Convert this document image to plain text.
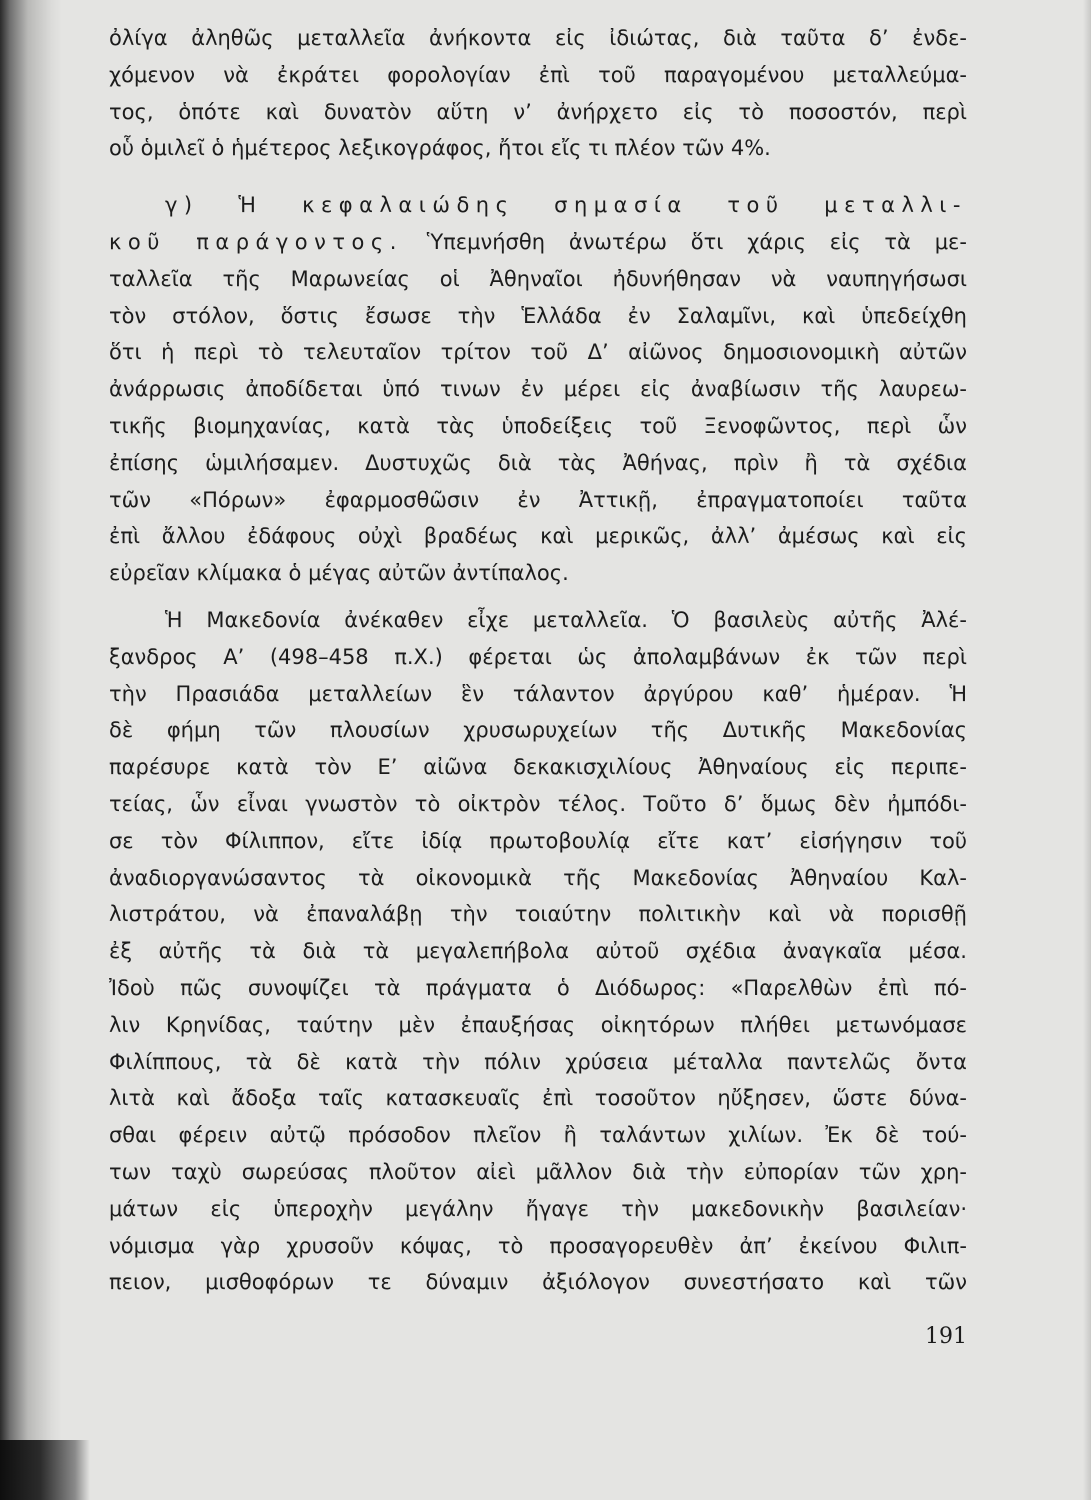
ὀλίγα ἀληθῶς μεταλλεῖα ἀνήκοντα εἰς ἰδιώτας, διὰ ταῦτα δ’ ἐνδε-
χόμενον νὰ ἐκράτει φορολογίαν ἐπὶ τοῦ παραγομένου μεταλλεύμα-
τος, ὁπότε καὶ δυνατὸν αὕτη ν’ ἀνήρχετο εἰς τὸ ποσοστόν, περὶ
οὗ ὁμιλεῖ ὁ ἡμέτερος λεξικογράφος, ἤτοι εἴς τι πλέον τῶν 4%.
γ) Ἡ κεφαλαιώδης σημασία τοῦ μεταλλι-
κοῦ παράγοντος. Ὑπεμνήσθη ἀνωτέρω ὅτι χάρις εἰς τὰ με-
ταλλεῖα τῆς Μαρωνείας οἱ Ἀθηναῖοι ἠδυνήθησαν νὰ ναυπηγήσωσι
τὸν στόλον, ὅστις ἔσωσε τὴν Ἑλλάδα ἐν Σαλαμῖνι, καὶ ὑπεδείχθη
ὅτι ἡ περὶ τὸ τελευταῖον τρίτον τοῦ Δ’ αἰῶνος δημοσιονομικὴ αὐτῶν
ἀνάρρωσις ἀποδίδεται ὑπό τινων ἐν μέρει εἰς ἀναβίωσιν τῆς λαυρεω-
τικῆς βιομηχανίας, κατὰ τὰς ὑποδείξεις τοῦ Ξενοφῶντος, περὶ ὧν
ἐπίσης ὡμιλήσαμεν. Δυστυχῶς διὰ τὰς Ἀθήνας, πρὶν ἢ τὰ σχέδια
τῶν «Πόρων» ἐφαρμοσθῶσιν ἐν Ἀττικῇ, ἐπραγματοποίει ταῦτα
ἐπὶ ἄλλου ἐδάφους οὐχὶ βραδέως καὶ μερικῶς, ἀλλ’ ἀμέσως καὶ εἰς
εὐρεῖαν κλίμακα ὁ μέγας αὐτῶν ἀντίπαλος.
Ἡ Μακεδονία ἀνέκαθεν εἶχε μεταλλεῖα. Ὁ βασιλεὺς αὐτῆς Ἀλέ-
ξανδρος Α’ (498–458 π.Χ.) φέρεται ὡς ἀπολαμβάνων ἐκ τῶν περὶ
τὴν Πρασιάδα μεταλλείων ἓν τάλαντον ἀργύρου καθ’ ἡμέραν. Ἡ
δὲ φήμη τῶν πλουσίων χρυσωρυχείων τῆς Δυτικῆς Μακεδονίας
παρέσυρε κατὰ τὸν Ε’ αἰῶνα δεκακισχιλίους Ἀθηναίους εἰς περιπε-
τείας, ὧν εἶναι γνωστὸν τὸ οἰκτρὸν τέλος. Τοῦτο δ’ ὅμως δὲν ἠμπόδι-
σε τὸν Φίλιππον, εἴτε ἰδίᾳ πρωτοβουλίᾳ εἴτε κατ’ εἰσήγησιν τοῦ
ἀναδιοργανώσαντος τὰ οἰκονομικὰ τῆς Μακεδονίας Ἀθηναίου Καλ-
λιστράτου, νὰ ἐπαναλάβῃ τὴν τοιαύτην πολιτικὴν καὶ νὰ πορισθῇ
ἐξ αὐτῆς τὰ διὰ τὰ μεγαλεπήβολα αὐτοῦ σχέδια ἀναγκαῖα μέσα.
Ἰδοὺ πῶς συνοψίζει τὰ πράγματα ὁ Διόδωρος: «Παρελθὼν ἐπὶ πό-
λιν Κρηνίδας, ταύτην μὲν ἐπαυξήσας οἰκητόρων πλήθει μετωνόμασε
Φιλίππους, τὰ δὲ κατὰ τὴν πόλιν χρύσεια μέταλλα παντελῶς ὄντα
λιτὰ καὶ ἄδοξα ταῖς κατασκευαῖς ἐπὶ τοσοῦτον ηὔξησεν, ὥστε δύνα-
σθαι φέρειν αὐτῷ πρόσοδον πλεῖον ἢ ταλάντων χιλίων. Ἐκ δὲ τού-
των ταχὺ σωρεύσας πλοῦτον αἰεὶ μᾶλλον διὰ τὴν εὐπορίαν τῶν χρη-
μάτων εἰς ὑπεροχὴν μεγάλην ἤγαγε τὴν μακεδονικὴν βασιλείαν·
νόμισμα γὰρ χρυσοῦν κόψας, τὸ προσαγορευθὲν ἀπ’ ἐκείνου Φιλιπ-
πειον, μισθοφόρων τε δύναμιν ἀξιόλογον συνεστήσατο καὶ τῶν
191
